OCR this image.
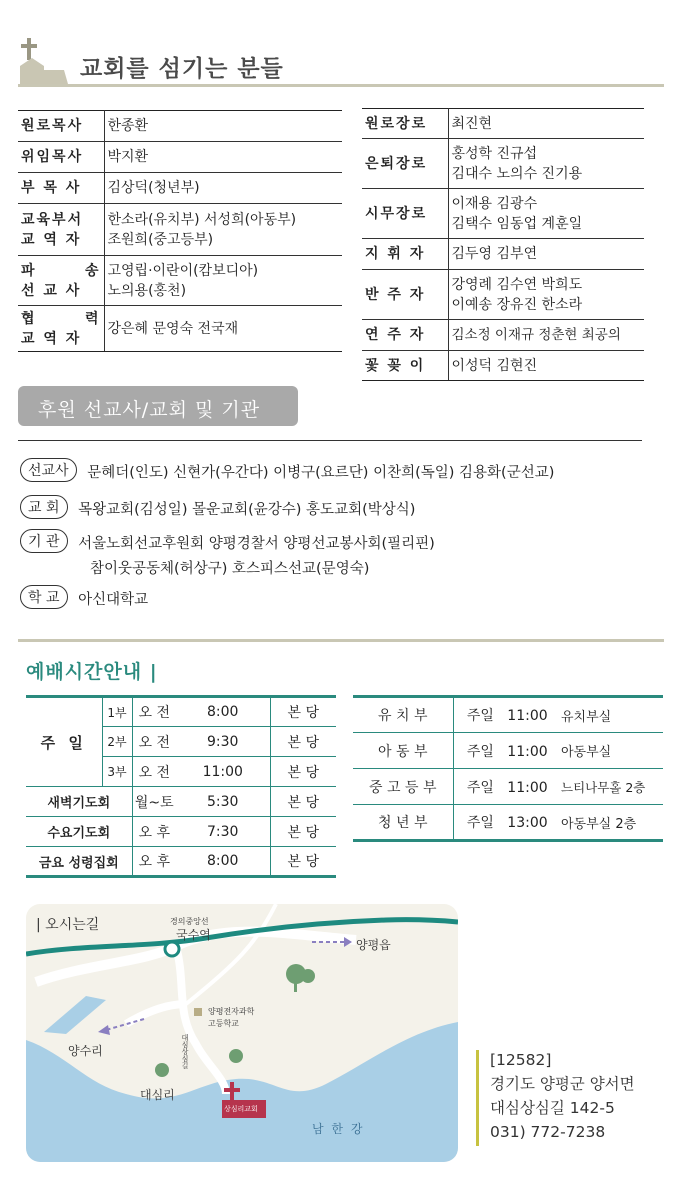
교회를 섬기는 분들
원로목사	한종환
위임목사	박지환
부 목 사	김상덕(청년부)

교육부서
교 역 자	한소라(유치부) 서성희(아동부)
조원희(중고등부)

파 송
선 교 사	고영립·이란이(캄보디아)
노의용(홍천)

협 력
교 역 자	강은혜 문영숙 전국재
원로장로	최진현
은퇴장로	홍성학 진규섭
김대수 노의수 진기용

시무장로	이재용 김광수
김택수 임동업 계훈일

지 휘 자	김두영 김부연
반 주 자	강영례 김수연 박희도
이예송 장유진 한소라

연 주 자	김소정 이재규 정춘현 최공의
꽃 꽂 이	이성덕 김현진
후원 선교사/교회 및 기관
선교사 문혜더(인도) 신현가(우간다) 이병구(요르단) 이찬희(독일) 김용화(군선교)
교 회 목왕교회(김성일) 몰운교회(윤강수) 홍도교회(박상식)
기 관 서울노회선교후원회 양평경찰서 양평선교봉사회(필리핀)
참이웃공동체(허상구) 호스피스선교(문영숙)
학 교 아신대학교
예배시간안내 |
주 일	1부	오 전	8:00	본 당
	2부	오 전	9:30	본 당
	3부	오 전	11:00	본 당
새벽기도회		월~토	5:30	본 당
수요기도회		오 후	7:30	본 당
금요 성령집회		오 후	8:00	본 당
유 치 부	주일 11:00	유치부실
아 동 부	주일 11:00	아동부실
중 고 등 부	주일 11:00	느티나무홀 2층
청 년 부	주일 13:00	아동부실 2층
| 오시는길	경의중앙선
국수역
양평읍
양수리
양평전자과학
고등학교
대심상심길
대심리
상심리교회
남 한 강
[12582]
경기도 양평군 양서면
대심상심길 142-5
031) 772-7238
